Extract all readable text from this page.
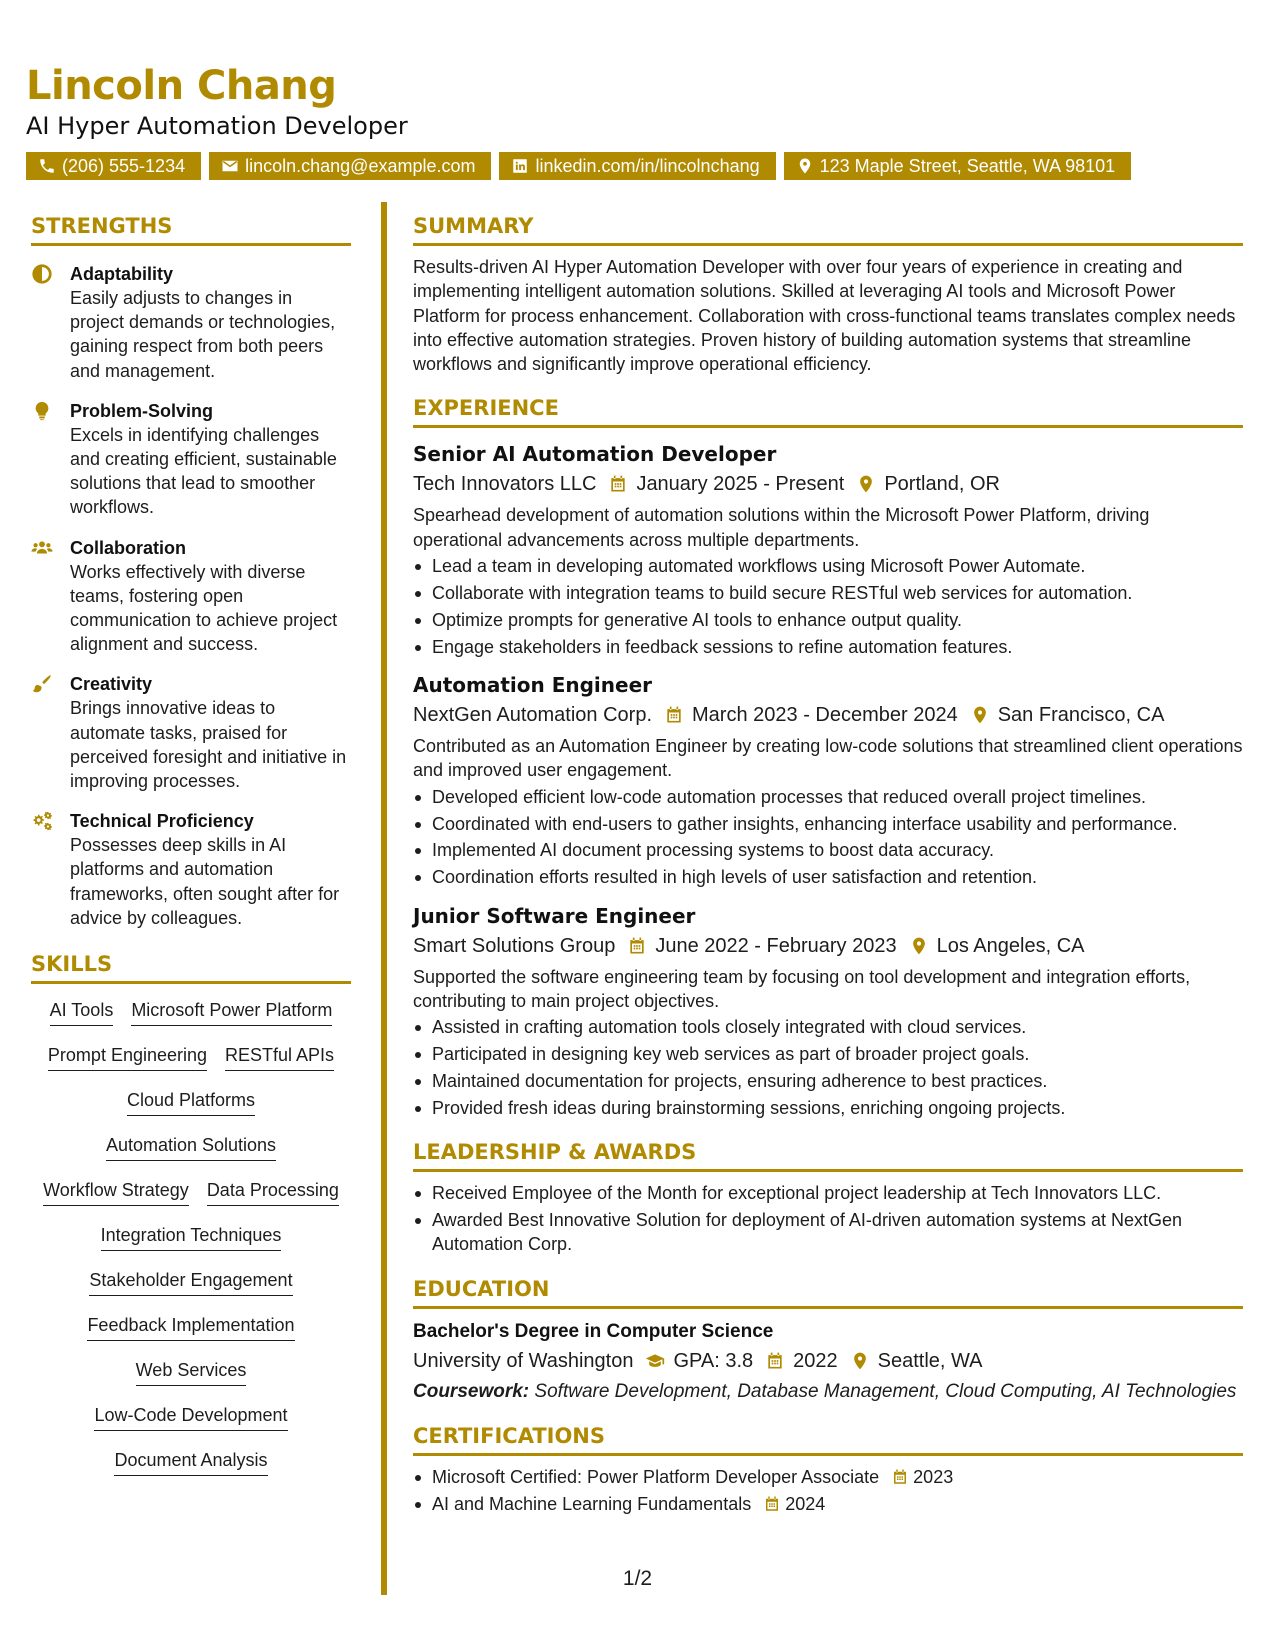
Lincoln Chang
AI Hyper Automation Developer
(206) 555-1234	lincoln.chang@example.com	linkedin.com/in/lincolnchang	123 Maple Street, Seattle, WA 98101
STRENGTHS
Adaptability
Easily adjusts to changes in project demands or technologies, gaining respect from both peers and management.
Problem-Solving
Excels in identifying challenges and creating efficient, sustainable solutions that lead to smoother workflows.
Collaboration
Works effectively with diverse teams, fostering open communication to achieve project alignment and success.
Creativity
Brings innovative ideas to automate tasks, praised for perceived foresight and initiative in improving processes.
Technical Proficiency
Possesses deep skills in AI platforms and automation frameworks, often sought after for advice by colleagues.
SKILLS
AI Tools Microsoft Power Platform
Prompt Engineering RESTful APIs
Cloud Platforms
Automation Solutions
Workflow Strategy Data Processing
Integration Techniques
Stakeholder Engagement
Feedback Implementation
Web Services
Low-Code Development
Document Analysis
SUMMARY
Results-driven AI Hyper Automation Developer with over four years of experience in creating and implementing intelligent automation solutions. Skilled at leveraging AI tools and Microsoft Power Platform for process enhancement. Collaboration with cross-functional teams translates complex needs into effective automation strategies. Proven history of building automation systems that streamline workflows and significantly improve operational efficiency.
EXPERIENCE
Senior AI Automation Developer
Tech Innovators LLC January 2025 - Present Portland, OR
Spearhead development of automation solutions within the Microsoft Power Platform, driving operational advancements across multiple departments.
Lead a team in developing automated workflows using Microsoft Power Automate.
Collaborate with integration teams to build secure RESTful web services for automation.
Optimize prompts for generative AI tools to enhance output quality.
Engage stakeholders in feedback sessions to refine automation features.
Automation Engineer
NextGen Automation Corp. March 2023 - December 2024 San Francisco, CA
Contributed as an Automation Engineer by creating low-code solutions that streamlined client operations and improved user engagement.
Developed efficient low-code automation processes that reduced overall project timelines.
Coordinated with end-users to gather insights, enhancing interface usability and performance.
Implemented AI document processing systems to boost data accuracy.
Coordination efforts resulted in high levels of user satisfaction and retention.
Junior Software Engineer
Smart Solutions Group June 2022 - February 2023 Los Angeles, CA
Supported the software engineering team by focusing on tool development and integration efforts, contributing to main project objectives.
Assisted in crafting automation tools closely integrated with cloud services.
Participated in designing key web services as part of broader project goals.
Maintained documentation for projects, ensuring adherence to best practices.
Provided fresh ideas during brainstorming sessions, enriching ongoing projects.
LEADERSHIP & AWARDS
Received Employee of the Month for exceptional project leadership at Tech Innovators LLC.
Awarded Best Innovative Solution for deployment of AI-driven automation systems at NextGen Automation Corp.
EDUCATION
Bachelor's Degree in Computer Science
University of Washington GPA: 3.8 2022 Seattle, WA
Coursework: Software Development, Database Management, Cloud Computing, AI Technologies
CERTIFICATIONS
Microsoft Certified: Power Platform Developer Associate 2023
AI and Machine Learning Fundamentals 2024
1/2
